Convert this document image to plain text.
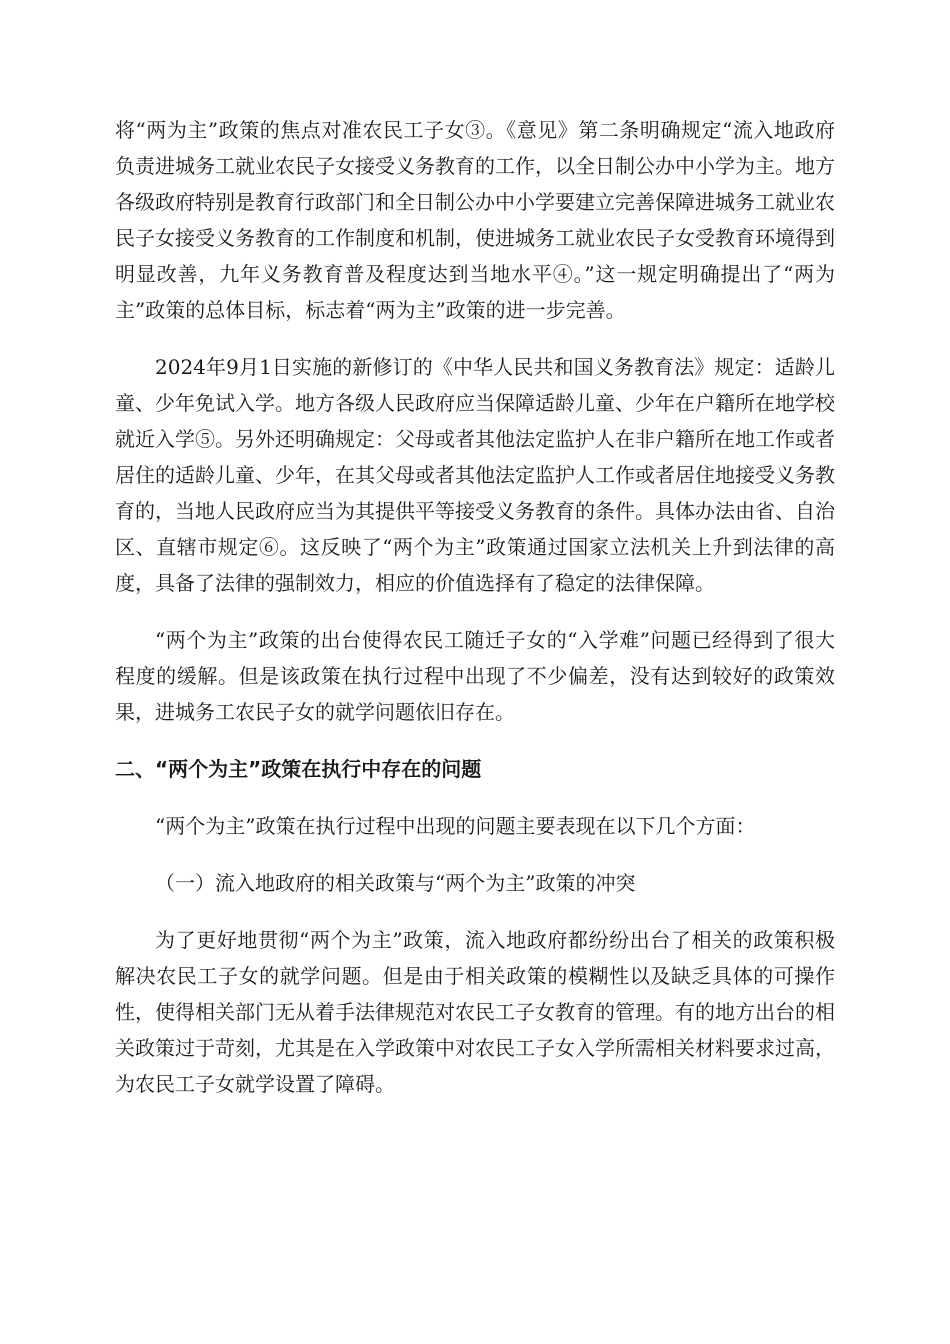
将“两为主”政策的焦点对准农民工子女③。《意见》第二条明确规定“流入地政府负责进城务工就业农民子女接受义务教育的工作，以全日制公办中小学为主。地方各级政府特别是教育行政部门和全日制公办中小学要建立完善保障进城务工就业农民子女接受义务教育的工作制度和机制，使进城务工就业农民子女受教育环境得到明显改善，九年义务教育普及程度达到当地水平④。”这一规定明确提出了“两为主”政策的总体目标，标志着“两为主”政策的进一步完善。

2024年9月1日实施的新修订的《中华人民共和国义务教育法》规定：适龄儿童、少年免试入学。地方各级人民政府应当保障适龄儿童、少年在户籍所在地学校就近入学⑤。另外还明确规定：父母或者其他法定监护人在非户籍所在地工作或者居住的适龄儿童、少年，在其父母或者其他法定监护人工作或者居住地接受义务教育的，当地人民政府应当为其提供平等接受义务教育的条件。具体办法由省、自治区、直辖市规定⑥。这反映了“两个为主”政策通过国家立法机关上升到法律的高度，具备了法律的强制效力，相应的价值选择有了稳定的法律保障。

“两个为主”政策的出台使得农民工随迁子女的“入学难”问题已经得到了很大程度的缓解。但是该政策在执行过程中出现了不少偏差，没有达到较好的政策效果，进城务工农民子女的就学问题依旧存在。

二、“两个为主”政策在执行中存在的问题

“两个为主”政策在执行过程中出现的问题主要表现在以下几个方面：

（一）流入地政府的相关政策与“两个为主”政策的冲突

为了更好地贯彻“两个为主”政策，流入地政府都纷纷出台了相关的政策积极解决农民工子女的就学问题。但是由于相关政策的模糊性以及缺乏具体的可操作性，使得相关部门无从着手法律规范对农民工子女教育的管理。有的地方出台的相关政策过于苛刻，尤其是在入学政策中对农民工子女入学所需相关材料要求过高，为农民工子女就学设置了障碍。
